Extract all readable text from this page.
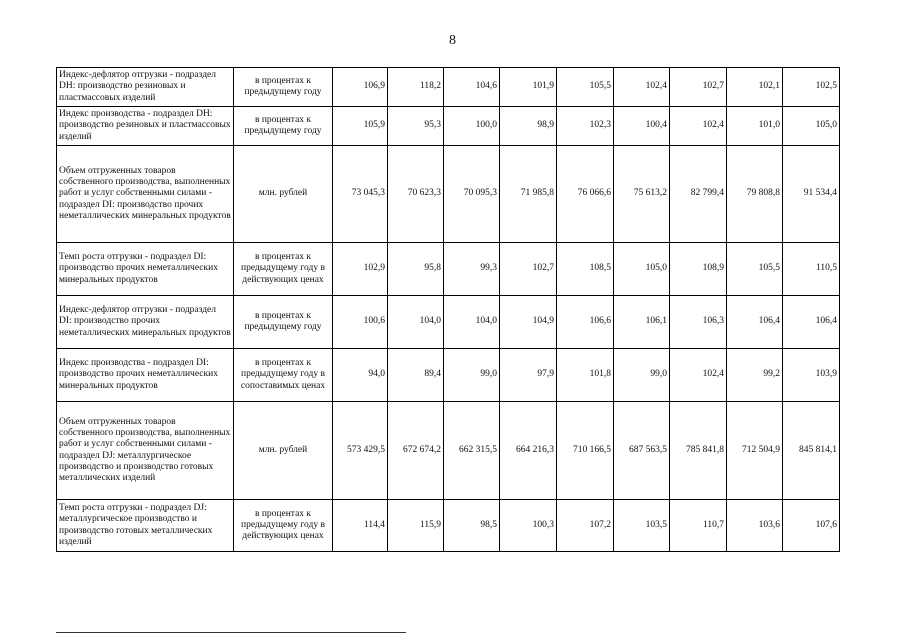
8
Индекс-дефлятор отгрузки - подраздел DH: производство резиновых и пластмассовых изделий	в процентах к предыдущему году	106,9	118,2	104,6	101,9	105,5	102,4	102,7	102,1	102,5
Индекс производства - подраздел DH: производство резиновых и пластмассовых изделий	в процентах к предыдущему году	105,9	95,3	100,0	98,9	102,3	100,4	102,4	101,0	105,0
Объем отгруженных товаров собственного производства, выполненных работ и услуг собственными силами - подраздел DI: производство прочих неметаллических минеральных продуктов	млн. рублей	73 045,3	70 623,3	70 095,3	71 985,8	76 066,6	75 613,2	82 799,4	79 808,8	91 534,4
Темп роста отгрузки - подраздел DI: производство прочих неметаллических минеральных продуктов	в процентах к предыдущему году в действующих ценах	102,9	95,8	99,3	102,7	108,5	105,0	108,9	105,5	110,5
Индекс-дефлятор отгрузки - подраздел DI: производство прочих неметаллических минеральных продуктов	в процентах к предыдущему году	100,6	104,0	104,0	104,9	106,6	106,1	106,3	106,4	106,4
Индекс производства - подраздел DI: производство прочих неметаллических минеральных продуктов	в процентах к предыдущему году в сопоставимых ценах	94,0	89,4	99,0	97,9	101,8	99,0	102,4	99,2	103,9
Объем отгруженных товаров собственного производства, выполненных работ и услуг собственными силами - подраздел DJ: металлургическое производство и производство готовых металлических изделий	млн. рублей	573 429,5	672 674,2	662 315,5	664 216,3	710 166,5	687 563,5	785 841,8	712 504,9	845 814,1
Темп роста отгрузки - подраздел DJ: металлургическое производство и производство готовых металлических изделий	в процентах к предыдущему году в действующих ценах	114,4	115,9	98,5	100,3	107,2	103,5	110,7	103,6	107,6
